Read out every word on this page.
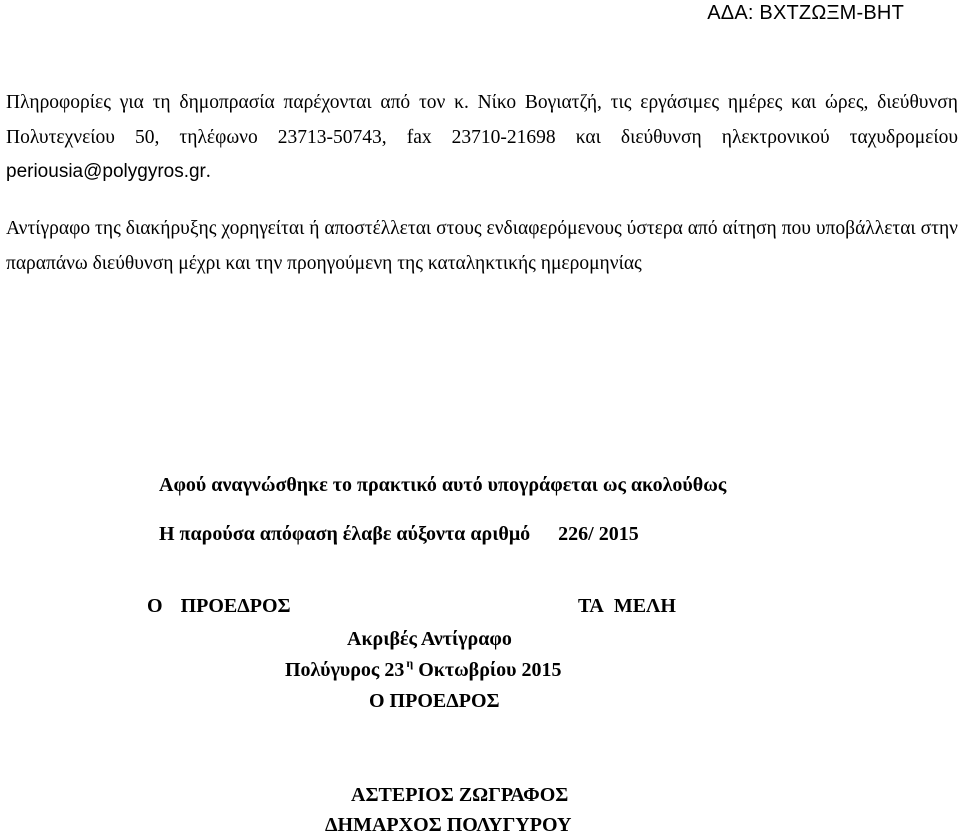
ΑΔΑ: ΒΧΤΖΩΞΜ-ΒΗΤ
Πληροφορίες για τη δημοπρασία παρέχονται από τον κ. Νίκο Βογιατζή, τις εργάσιμες ημέρες και ώρες, διεύθυνση Πολυτεχνείου 50, τηλέφωνο 23713-50743, fax 23710-21698 και διεύθυνση ηλεκτρονικού ταχυδρομείου periousia@polygyros.gr.
Αντίγραφο της διακήρυξης χορηγείται ή αποστέλλεται στους ενδιαφερόμενους ύστερα από αίτηση που υποβάλλεται στην παραπάνω διεύθυνση μέχρι και την προηγούμενη της καταληκτικής ημερομηνίας
Αφού αναγνώσθηκε το πρακτικό αυτό υπογράφεται ως ακολούθως
Η παρούσα απόφαση έλαβε αύξοντα αριθμό 226/ 2015
Ο ΠΡΟΕΔΡΟΣ	ΤΑ ΜΕΛΗ
Ακριβές Αντίγραφο
Πολύγυρος 23 $^\eta$ Οκτωβρίου 2015
Ο ΠΡΟΕΔΡΟΣ
ΑΣΤΕΡΙΟΣ ΖΩΓΡΑΦΟΣ
ΔΗΜΑΡΧΟΣ ΠΟΛΥΓΥΡΟΥ
